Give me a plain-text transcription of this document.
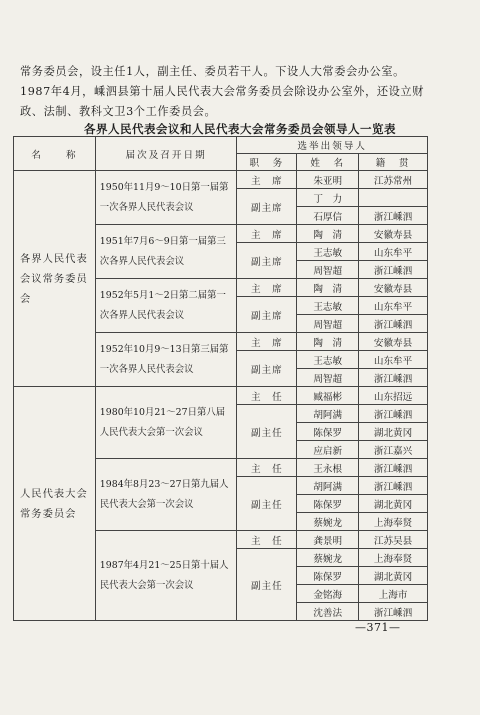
常务委员会，设主任1人，副主任、委员若干人。下设人大常委会办公室。

1987年4月，嵊泗县第十届人民代表大会常务委员会除设办公室外，还设立财

政、法制、教科文卫3个工作委员会。

各界人民代表会议和人民代表大会常务委员会领导人一览表
名　　称	届次及召开日期	选举出领导人		
		职　务	姓　名	籍　贯
各界人民代表会议常务委员会	1950年11月9～10日第一届第一次各界人民代表会议	主　席	朱亚明	江苏常州
		副主席	丁　力	
			石厚信	浙江嵊泗
	1951年7月6～9日第一届第三次各界人民代表会议	主　席	陶　清	安徽寿县
		副主席	王志敏	山东牟平
			周智超	浙江嵊泗
	1952年5月1～2日第二届第一次各界人民代表会议	主　席	陶　清	安徽寿县
		副主席	王志敏	山东牟平
			周智超	浙江嵊泗
	1952年10月9～13日第三届第一次各界人民代表会议	主　席	陶　清	安徽寿县
		副主席	王志敏	山东牟平
			周智超	浙江嵊泗
人民代表大会常务委员会	1980年10月21～27日第八届人民代表大会第一次会议	主　任	臧福彬	山东招远
		副主任	胡阿满	浙江嵊泗
			陈保罗	湖北黄冈
			应启新	浙江嘉兴
	1984年8月23～27日第九届人民代表大会第一次会议	主　任	王永根	浙江嵊泗
		副主任	胡阿满	浙江嵊泗
			陈保罗	湖北黄冈
			蔡婉龙	上海奉贤
	1987年4月21～25日第十届人民代表大会第一次会议	主　任	龚景明	江苏吴县
		副主任	蔡婉龙	上海奉贤
			陈保罗	湖北黄冈
			金铭海	上海市
			沈善法	浙江嵊泗
—371—
